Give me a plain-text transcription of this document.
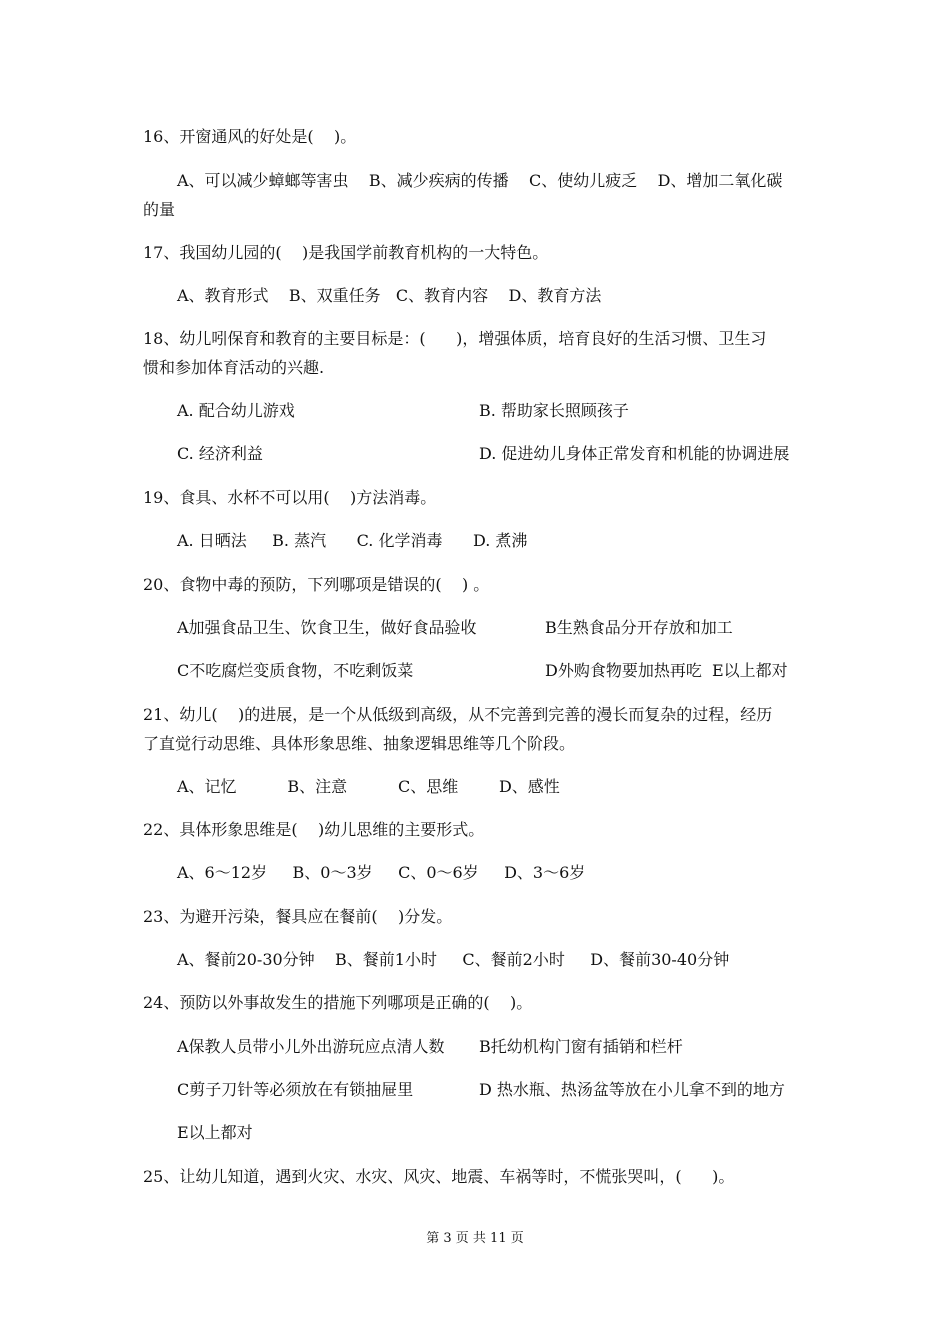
16、开窗通风的好处是(    )。
A、可以减少蟑螂等害虫    B、减少疾病的传播    C、使幼儿疲乏    D、增加二氧化碳
的量
17、我国幼儿园的(    )是我国学前教育机构的一大特色。
A、教育形式    B、双重任务   C、教育内容    D、教育方法
18、幼儿吲保育和教育的主要目标是：(      )，增强体质，培育良好的生活习惯、卫生习
惯和参加体育活动的兴趣.
A. 配合幼儿游戏	B. 帮助家长照顾孩子
C. 经济利益	D. 促进幼儿身体正常发育和机能的协调进展
19、食具、水杯不可以用(    )方法消毒。
A. 日晒法     B. 蒸汽      C. 化学消毒      D. 煮沸
20、食物中毒的预防，下列哪项是错误的(    ) 。
A加强食品卫生、饮食卫生，做好食品验收	B生熟食品分开存放和加工
C不吃腐烂变质食物，不吃剩饭菜	D外购食物要加热再吃  E以上都对
21、幼儿(    )的进展，是一个从低级到高级，从不完善到完善的漫长而复杂的过程，经历
了直觉行动思维、具体形象思维、抽象逻辑思维等几个阶段。
A、记忆          B、注意          C、思维        D、感性
22、具体形象思维是(    )幼儿思维的主要形式。
A、6～12岁     B、0～3岁     C、0～6岁     D、3～6岁
23、为避开污染，餐具应在餐前(    )分发。
A、餐前20-30分钟    B、餐前1小时     C、餐前2小时     D、餐前30-40分钟
24、预防以外事故发生的措施下列哪项是正确的(    )。
A保教人员带小儿外出游玩应点清人数 B托幼机构门窗有插销和栏杆
C剪子刀针等必须放在有锁抽屉里	D 热水瓶、热汤盆等放在小儿拿不到的地方
E以上都对
25、让幼儿知道，遇到火灾、水灾、风灾、地震、车祸等时，不慌张哭叫，(      )。
第 3 页 共 11 页
